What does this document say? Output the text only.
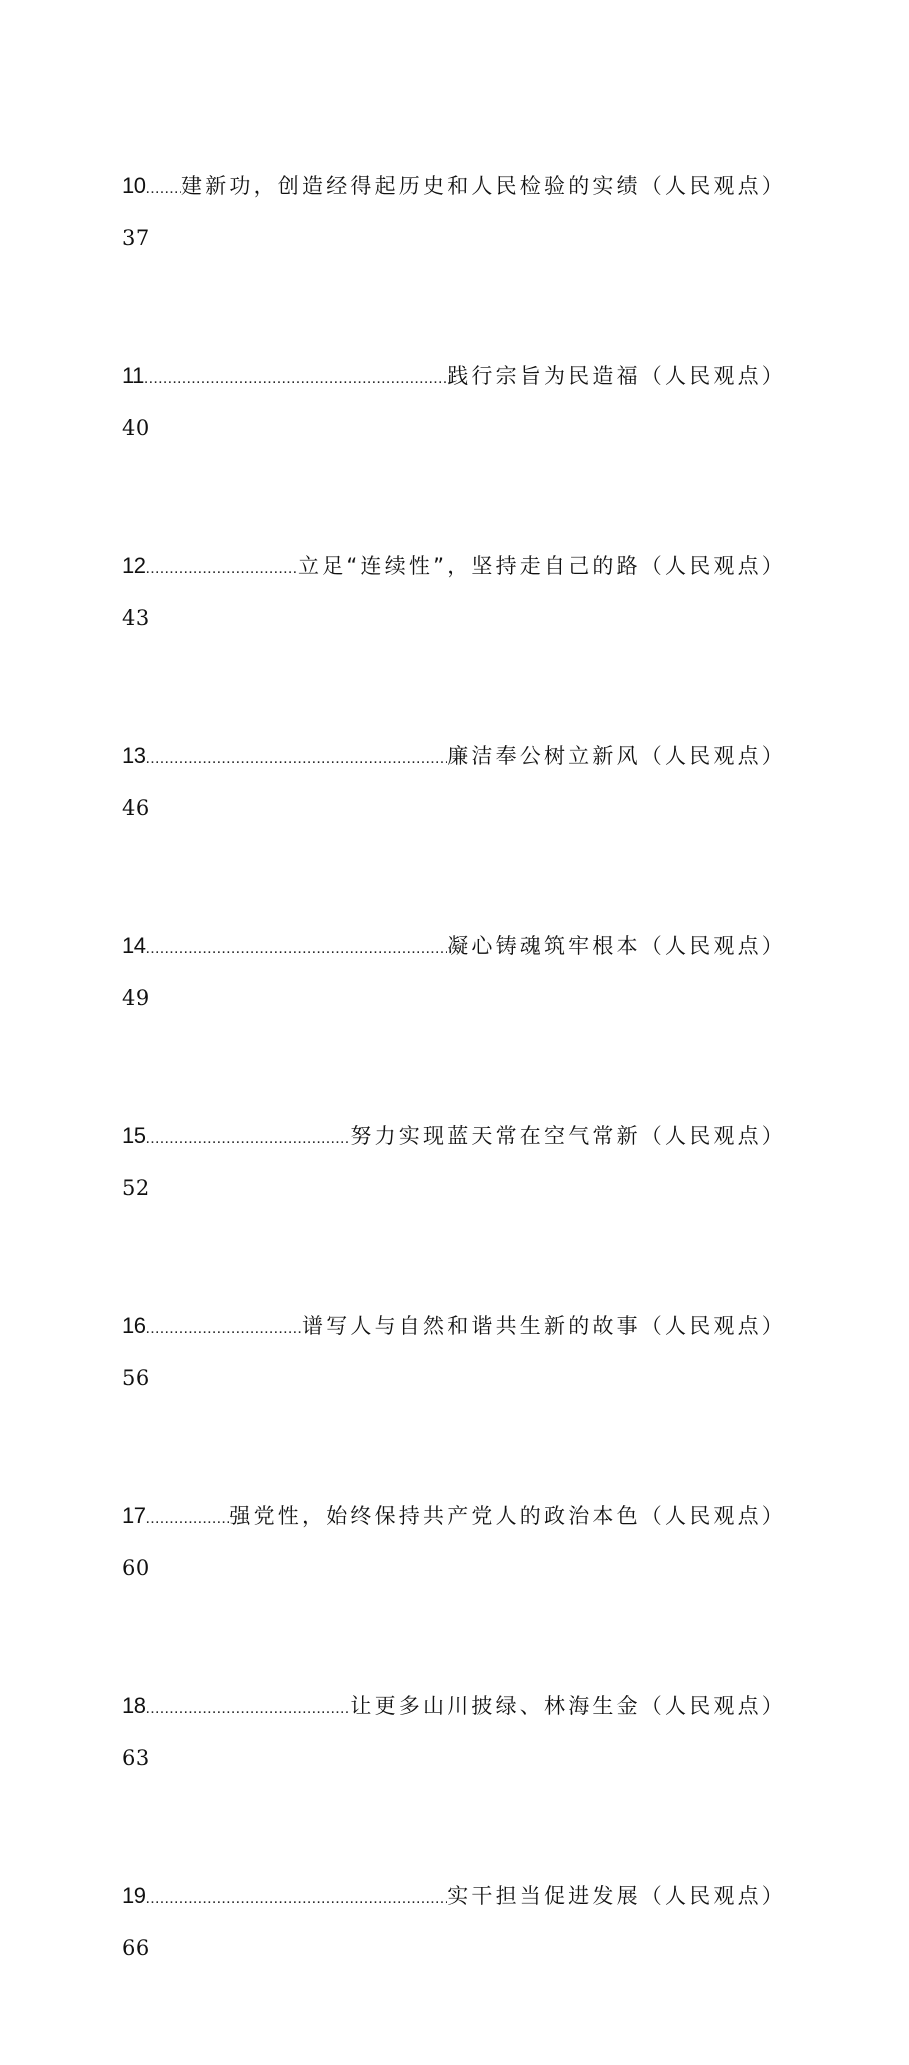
10 ..... 建新功，创造经得起历史和人民检验的实绩（人民观点）
37
11 .....	践行宗旨为民造福（人民观点）
40
12 .....	立足“连续性”，坚持走自己的路（人民观点）
43
13 .....	廉洁奉公树立新风（人民观点）
46
14 .....	凝心铸魂筑牢根本（人民观点）
49
15 .....	努力实现蓝天常在空气常新（人民观点）
52
16 .....	谱写人与自然和谐共生新的故事（人民观点）
56
17 .....	强党性，始终保持共产党人的政治本色（人民观点）
60
18 .....	让更多山川披绿、林海生金（人民观点）
63
19 .....	实干担当促进发展（人民观点）
66
